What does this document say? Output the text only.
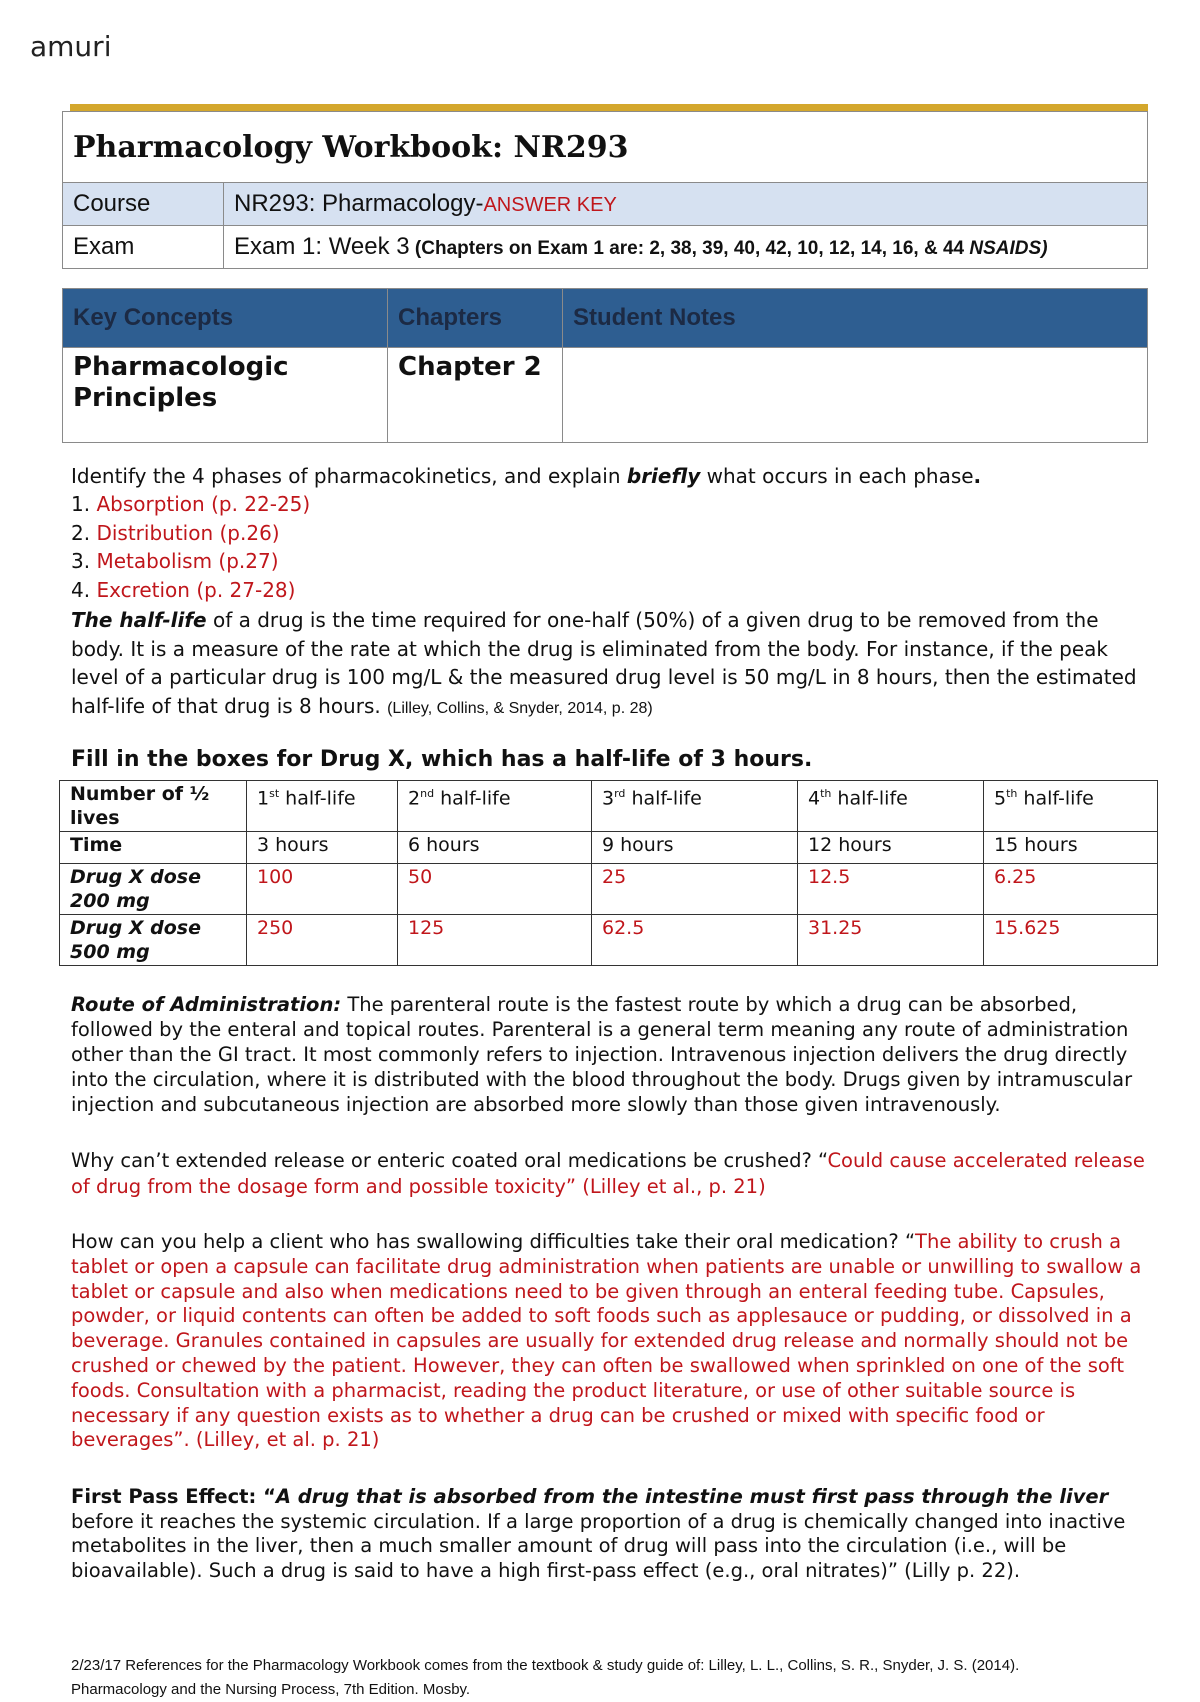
amuri
Pharmacology Workbook: NR293	
Course	NR293: Pharmacology-ANSWER KEY
Exam	Exam 1: Week 3 (Chapters on Exam 1 are: 2, 38, 39, 40, 42, 10, 12, 14, 16, & 44 NSAIDS)
Key Concepts	Chapters	Student Notes
Pharmacologic
Principles	Chapter 2	
Identify the 4 phases of pharmacokinetics, and explain briefly what occurs in each phase.
1. Absorption (p. 22-25)
2. Distribution (p.26)
3. Metabolism (p.27)
4. Excretion (p. 27-28)
The half-life of a drug is the time required for one-half (50%) of a given drug to be removed from the body. It is a measure of the rate at which the drug is eliminated from the body. For instance, if the peak level of a particular drug is 100 mg/L & the measured drug level is 50 mg/L in 8 hours, then the estimated half-life of that drug is 8 hours. (Lilley, Collins, & Snyder, 2014, p. 28)
Fill in the boxes for Drug X, which has a half-life of 3 hours.
Number of ½ lives	1st half-life	2nd half-life	3rd half-life	4th half-life	5th half-life
Time	3 hours	6 hours	9 hours	12 hours	15 hours
Drug X dose
200 mg	100	50	25	12.5	6.25
Drug X dose
500 mg	250	125	62.5	31.25	15.625
Route of Administration: The parenteral route is the fastest route by which a drug can be absorbed, followed by the enteral and topical routes. Parenteral is a general term meaning any route of administration other than the GI tract. It most commonly refers to injection. Intravenous injection delivers the drug directly into the circulation, where it is distributed with the blood throughout the body. Drugs given by intramuscular injection and subcutaneous injection are absorbed more slowly than those given intravenously.
Why can’t extended release or enteric coated oral medications be crushed? “Could cause accelerated release of drug from the dosage form and possible toxicity” (Lilley et al., p. 21)
How can you help a client who has swallowing difficulties take their oral medication? “The ability to crush a tablet or open a capsule can facilitate drug administration when patients are unable or unwilling to swallow a tablet or capsule and also when medications need to be given through an enteral feeding tube. Capsules, powder, or liquid contents can often be added to soft foods such as applesauce or pudding, or dissolved in a beverage. Granules contained in capsules are usually for extended drug release and normally should not be crushed or chewed by the patient. However, they can often be swallowed when sprinkled on one of the soft foods. Consultation with a pharmacist, reading the product literature, or use of other suitable source is necessary if any question exists as to whether a drug can be crushed or mixed with specific food or beverages”. (Lilley, et al. p. 21)
First Pass Effect: “A drug that is absorbed from the intestine must first pass through the liver before it reaches the systemic circulation. If a large proportion of a drug is chemically changed into inactive metabolites in the liver, then a much smaller amount of drug will pass into the circulation (i.e., will be bioavailable). Such a drug is said to have a high first-pass effect (e.g., oral nitrates)” (Lilly p. 22).
2/23/17 References for the Pharmacology Workbook comes from the textbook & study guide of: Lilley, L. L., Collins, S. R., Snyder, J. S. (2014).
Pharmacology and the Nursing Process, 7th Edition. Mosby.
